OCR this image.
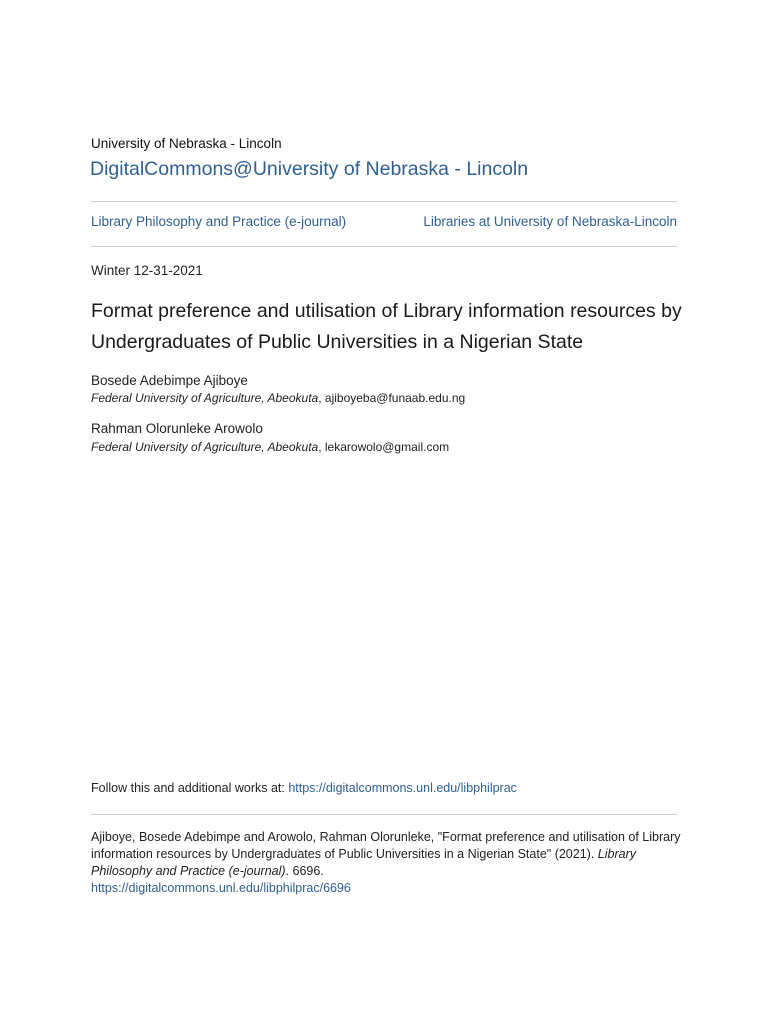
University of Nebraska - Lincoln
DigitalCommons@University of Nebraska - Lincoln
Library Philosophy and Practice (e-journal)	Libraries at University of Nebraska-Lincoln
Winter 12-31-2021
Format preference and utilisation of Library information resources by Undergraduates of Public Universities in a Nigerian State
Bosede Adebimpe Ajiboye
Federal University of Agriculture, Abeokuta, ajiboyeba@funaab.edu.ng
Rahman Olorunleke Arowolo
Federal University of Agriculture, Abeokuta, lekarowolo@gmail.com
Follow this and additional works at: https://digitalcommons.unl.edu/libphilprac
Ajiboye, Bosede Adebimpe and Arowolo, Rahman Olorunleke, "Format preference and utilisation of Library information resources by Undergraduates of Public Universities in a Nigerian State" (2021). Library Philosophy and Practice (e-journal). 6696.
https://digitalcommons.unl.edu/libphilprac/6696
